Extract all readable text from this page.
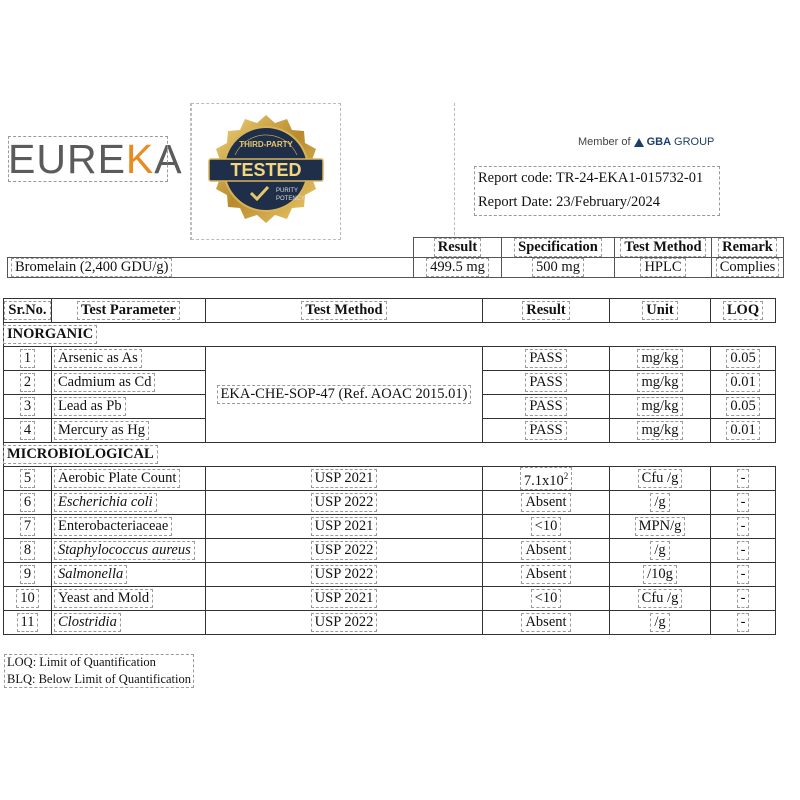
EUREKA	THIRD-PARTY
TESTED
PURITY
POTENCY
Member of GBA GROUP
Report code: TR-24-EKA1-015732-01
Report Date: 23/February/2024
	Result	Specification	Test Method	Remark
Bromelain (2,400 GDU/g)	499.5 mg	500 mg	HPLC	Complies
Sr.No.	Test Parameter	Test Method	Result	Unit	LOQ
INORGANIC					
1	Arsenic as As	EKA-CHE-SOP-47 (Ref. AOAC 2015.01)	PASS	mg/kg	0.05
2	Cadmium as Cd		PASS	mg/kg	0.01
3	Lead as Pb		PASS	mg/kg	0.05
4	Mercury as Hg		PASS	mg/kg	0.01
MICROBIOLOGICAL					
5	Aerobic Plate Count	USP 2021	$7.1x10^2$	Cfu /g	-
6	Escherichia coli	USP 2022	Absent	/g	-
7	Enterobacteriaceae	USP 2021	<10	MPN/g	-
8	Staphylococcus aureus	USP 2022	Absent	/g	-
9	Salmonella	USP 2022	Absent	/10g	-
10	Yeast and Mold	USP 2021	<10	Cfu /g	-
11	Clostridia	USP 2022	Absent	/g	-
LOQ: Limit of Quantification
BLQ: Below Limit of Quantification
